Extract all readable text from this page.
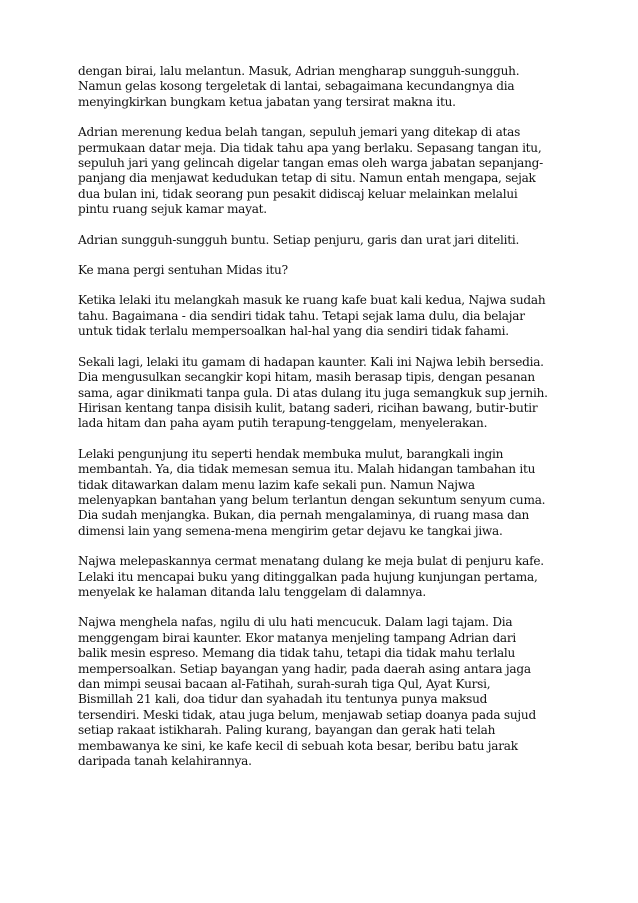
dengan birai, lalu melantun. Masuk, Adrian mengharap sungguh-sungguh.
Namun gelas kosong tergeletak di lantai, sebagaimana kecundangnya dia
menyingkirkan bungkam ketua jabatan yang tersirat makna itu.

Adrian merenung kedua belah tangan, sepuluh jemari yang ditekap di atas
permukaan datar meja. Dia tidak tahu apa yang berlaku. Sepasang tangan itu,
sepuluh jari yang gelincah digelar tangan emas oleh warga jabatan sepanjang-
panjang dia menjawat kedudukan tetap di situ. Namun entah mengapa, sejak
dua bulan ini, tidak seorang pun pesakit didiscaj keluar melainkan melalui
pintu ruang sejuk kamar mayat.

Adrian sungguh-sungguh buntu. Setiap penjuru, garis dan urat jari diteliti.

Ke mana pergi sentuhan Midas itu?

Ketika lelaki itu melangkah masuk ke ruang kafe buat kali kedua, Najwa sudah
tahu. Bagaimana - dia sendiri tidak tahu. Tetapi sejak lama dulu, dia belajar
untuk tidak terlalu mempersoalkan hal-hal yang dia sendiri tidak fahami.

Sekali lagi, lelaki itu gamam di hadapan kaunter. Kali ini Najwa lebih bersedia.
Dia mengusulkan secangkir kopi hitam, masih berasap tipis, dengan pesanan
sama, agar dinikmati tanpa gula. Di atas dulang itu juga semangkuk sup jernih.
Hirisan kentang tanpa disisih kulit, batang saderi, ricihan bawang, butir-butir
lada hitam dan paha ayam putih terapung-tenggelam, menyelerakan.

Lelaki pengunjung itu seperti hendak membuka mulut, barangkali ingin
membantah. Ya, dia tidak memesan semua itu. Malah hidangan tambahan itu
tidak ditawarkan dalam menu lazim kafe sekali pun. Namun Najwa
melenyapkan bantahan yang belum terlantun dengan sekuntum senyum cuma.
Dia sudah menjangka. Bukan, dia pernah mengalaminya, di ruang masa dan
dimensi lain yang semena-mena mengirim getar dejavu ke tangkai jiwa.

Najwa melepaskannya cermat menatang dulang ke meja bulat di penjuru kafe.
Lelaki itu mencapai buku yang ditinggalkan pada hujung kunjungan pertama,
menyelak ke halaman ditanda lalu tenggelam di dalamnya.

Najwa menghela nafas, ngilu di ulu hati mencucuk. Dalam lagi tajam. Dia
menggengam birai kaunter. Ekor matanya menjeling tampang Adrian dari
balik mesin espreso. Memang dia tidak tahu, tetapi dia tidak mahu terlalu
mempersoalkan. Setiap bayangan yang hadir, pada daerah asing antara jaga
dan mimpi seusai bacaan al-Fatihah, surah-surah tiga Qul, Ayat Kursi,
Bismillah 21 kali, doa tidur dan syahadah itu tentunya punya maksud
tersendiri. Meski tidak, atau juga belum, menjawab setiap doanya pada sujud
setiap rakaat istikharah. Paling kurang, bayangan dan gerak hati telah
membawanya ke sini, ke kafe kecil di sebuah kota besar, beribu batu jarak
daripada tanah kelahirannya.
